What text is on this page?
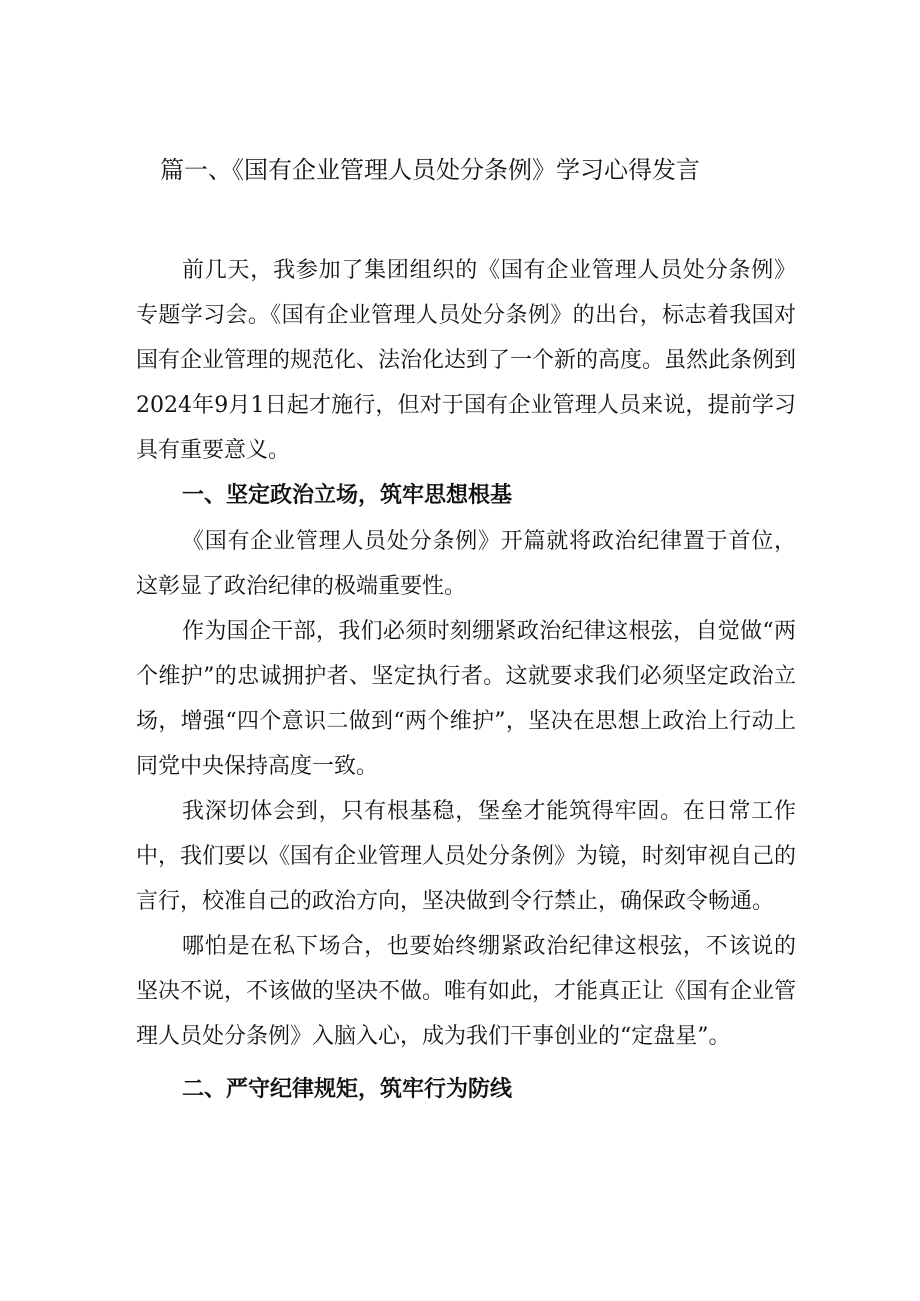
篇一、《国有企业管理人员处分条例》学习心得发言

前几天，我参加了集团组织的《国有企业管理人员处分条例》专题学习会。《国有企业管理人员处分条例》的出台，标志着我国对国有企业管理的规范化、法治化达到了一个新的高度。虽然此条例到2024年9月1日起才施行，但对于国有企业管理人员来说，提前学习具有重要意义。

一、坚定政治立场，筑牢思想根基

《国有企业管理人员处分条例》开篇就将政治纪律置于首位，这彰显了政治纪律的极端重要性。

作为国企干部，我们必须时刻绷紧政治纪律这根弦，自觉做“两个维护”的忠诚拥护者、坚定执行者。这就要求我们必须坚定政治立场，增强“四个意识二做到“两个维护”，坚决在思想上政治上行动上同党中央保持高度一致。

我深切体会到，只有根基稳，堡垒才能筑得牢固。在日常工作中，我们要以《国有企业管理人员处分条例》为镜，时刻审视自己的言行，校准自己的政治方向，坚决做到令行禁止，确保政令畅通。

哪怕是在私下场合，也要始终绷紧政治纪律这根弦，不该说的坚决不说，不该做的坚决不做。唯有如此，才能真正让《国有企业管理人员处分条例》入脑入心，成为我们干事创业的“定盘星”。

二、严守纪律规矩，筑牢行为防线
